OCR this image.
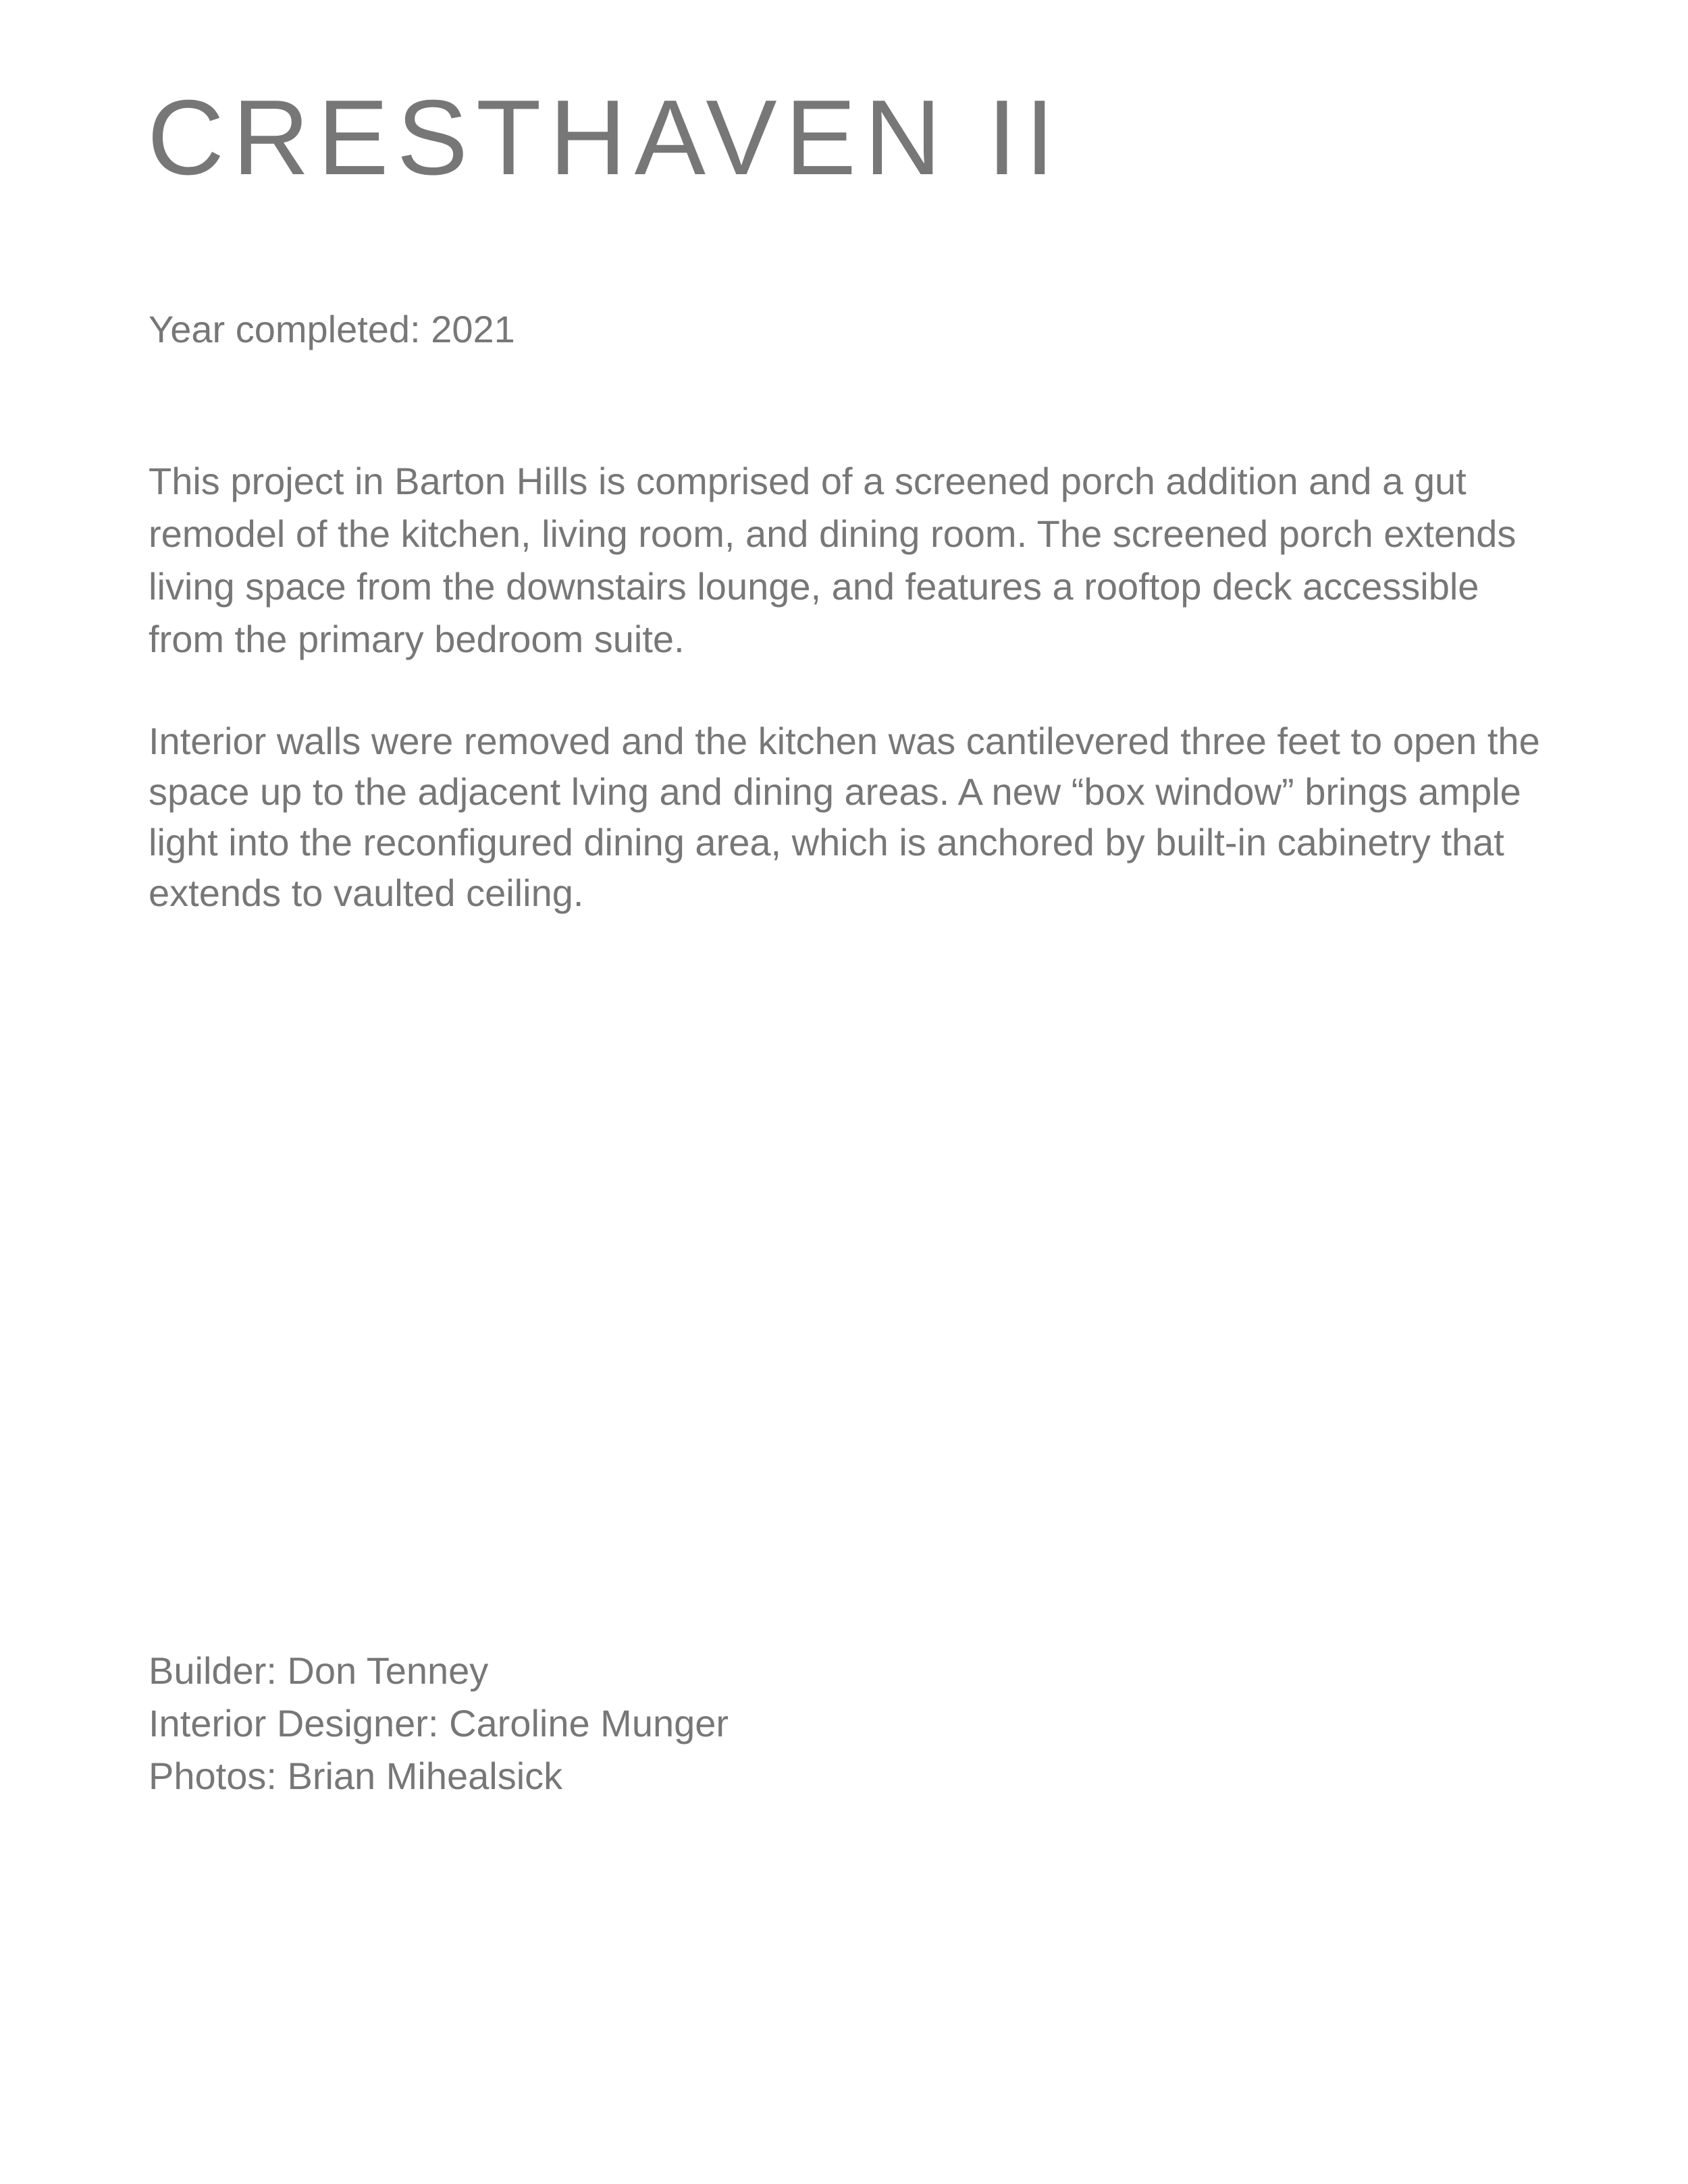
CRESTHAVEN II

Year completed: 2021

This project in Barton Hills is comprised of a screened porch addition and a gut remodel of the kitchen, living room, and dining room. The screened porch extends living space from the downstairs lounge, and features a rooftop deck accessible from the primary bedroom suite.

Interior walls were removed and the kitchen was cantilevered three feet to open the space up to the adjacent lving and dining areas. A new “box window” brings ample light into the reconfigured dining area, which is anchored by built-in cabinetry that extends to vaulted ceiling.

Builder: Don Tenney
Interior Designer: Caroline Munger
Photos: Brian Mihealsick
